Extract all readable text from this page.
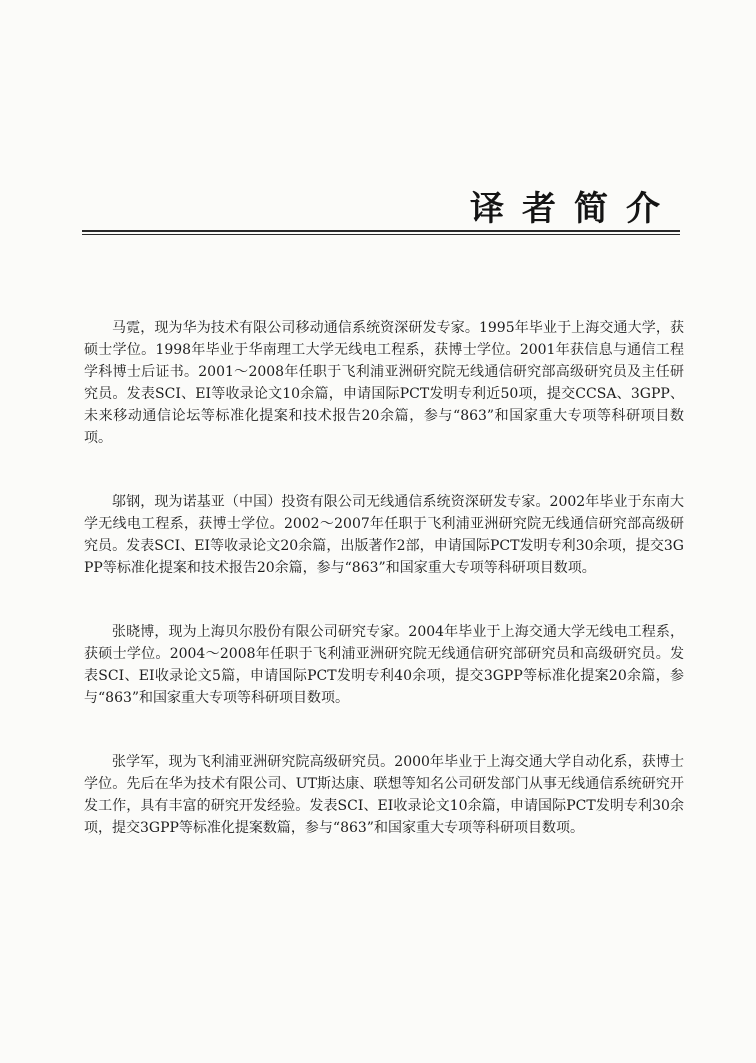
译者简介

马霓，现为华为技术有限公司移动通信系统资深研发专家。1995年毕业于上海交通大学，获硕士学位。1998年毕业于华南理工大学无线电工程系，获博士学位。2001年获信息与通信工程学科博士后证书。2001～2008年任职于飞利浦亚洲研究院无线通信研究部高级研究员及主任研究员。发表SCI、EI等收录论文10余篇，申请国际PCT发明专利近50项，提交CCSA、3GPP、未来移动通信论坛等标准化提案和技术报告20余篇，参与“863”和国家重大专项等科研项目数项。

邬钢，现为诺基亚（中国）投资有限公司无线通信系统资深研发专家。2002年毕业于东南大学无线电工程系，获博士学位。2002～2007年任职于飞利浦亚洲研究院无线通信研究部高级研究员。发表SCI、EI等收录论文20余篇，出版著作2部，申请国际PCT发明专利30余项，提交3GPP等标准化提案和技术报告20余篇，参与“863”和国家重大专项等科研项目数项。

张晓博，现为上海贝尔股份有限公司研究专家。2004年毕业于上海交通大学无线电工程系，获硕士学位。2004～2008年任职于飞利浦亚洲研究院无线通信研究部研究员和高级研究员。发表SCI、EI收录论文5篇，申请国际PCT发明专利40余项，提交3GPP等标准化提案20余篇，参与“863”和国家重大专项等科研项目数项。

张学军，现为飞利浦亚洲研究院高级研究员。2000年毕业于上海交通大学自动化系，获博士学位。先后在华为技术有限公司、UT斯达康、联想等知名公司研发部门从事无线通信系统研究开发工作，具有丰富的研究开发经验。发表SCI、EI收录论文10余篇，申请国际PCT发明专利30余项，提交3GPP等标准化提案数篇，参与“863”和国家重大专项等科研项目数项。
